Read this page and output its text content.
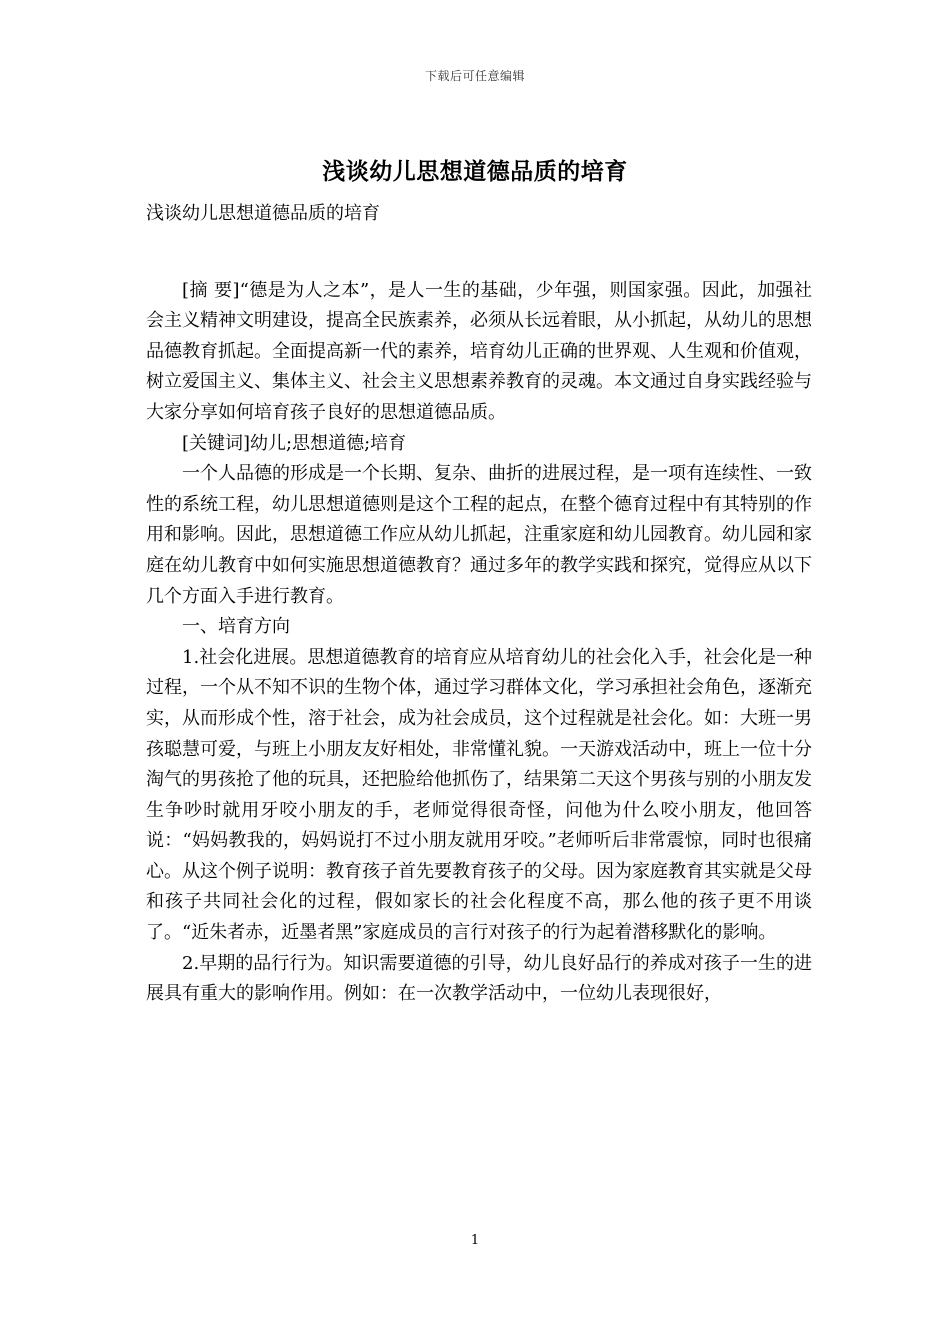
下载后可任意编辑
浅谈幼儿思想道德品质的培育

浅谈幼儿思想道德品质的培育

[摘 要]“德是为人之本”，是人一生的基础，少年强，则国家强。因此，加强社会主义精神文明建设，提高全民族素养，必须从长远着眼，从小抓起，从幼儿的思想品德教育抓起。全面提高新一代的素养，培育幼儿正确的世界观、人生观和价值观，树立爱国主义、集体主义、社会主义思想素养教育的灵魂。本文通过自身实践经验与大家分享如何培育孩子良好的思想道德品质。

[关键词]幼儿;思想道德;培育

一个人品德的形成是一个长期、复杂、曲折的进展过程，是一项有连续性、一致性的系统工程，幼儿思想道德则是这个工程的起点，在整个德育过程中有其特别的作用和影响。因此，思想道德工作应从幼儿抓起，注重家庭和幼儿园教育。幼儿园和家庭在幼儿教育中如何实施思想道德教育？通过多年的教学实践和探究，觉得应从以下几个方面入手进行教育。

一、培育方向

1.社会化进展。思想道德教育的培育应从培育幼儿的社会化入手，社会化是一种过程，一个从不知不识的生物个体，通过学习群体文化，学习承担社会角色，逐渐充实，从而形成个性，溶于社会，成为社会成员，这个过程就是社会化。如：大班一男孩聪慧可爱，与班上小朋友友好相处，非常懂礼貌。一天游戏活动中，班上一位十分淘气的男孩抢了他的玩具，还把脸给他抓伤了，结果第二天这个男孩与别的小朋友发生争吵时就用牙咬小朋友的手，老师觉得很奇怪，问他为什么咬小朋友，他回答说：“妈妈教我的，妈妈说打不过小朋友就用牙咬。”老师听后非常震惊，同时也很痛心。从这个例子说明：教育孩子首先要教育孩子的父母。因为家庭教育其实就是父母和孩子共同社会化的过程，假如家长的社会化程度不高，那么他的孩子更不用谈了。“近朱者赤，近墨者黑”家庭成员的言行对孩子的行为起着潜移默化的影响。

2.早期的品行行为。知识需要道德的引导，幼儿良好品行的养成对孩子一生的进展具有重大的影响作用。例如：在一次教学活动中，一位幼儿表现很好，

1
